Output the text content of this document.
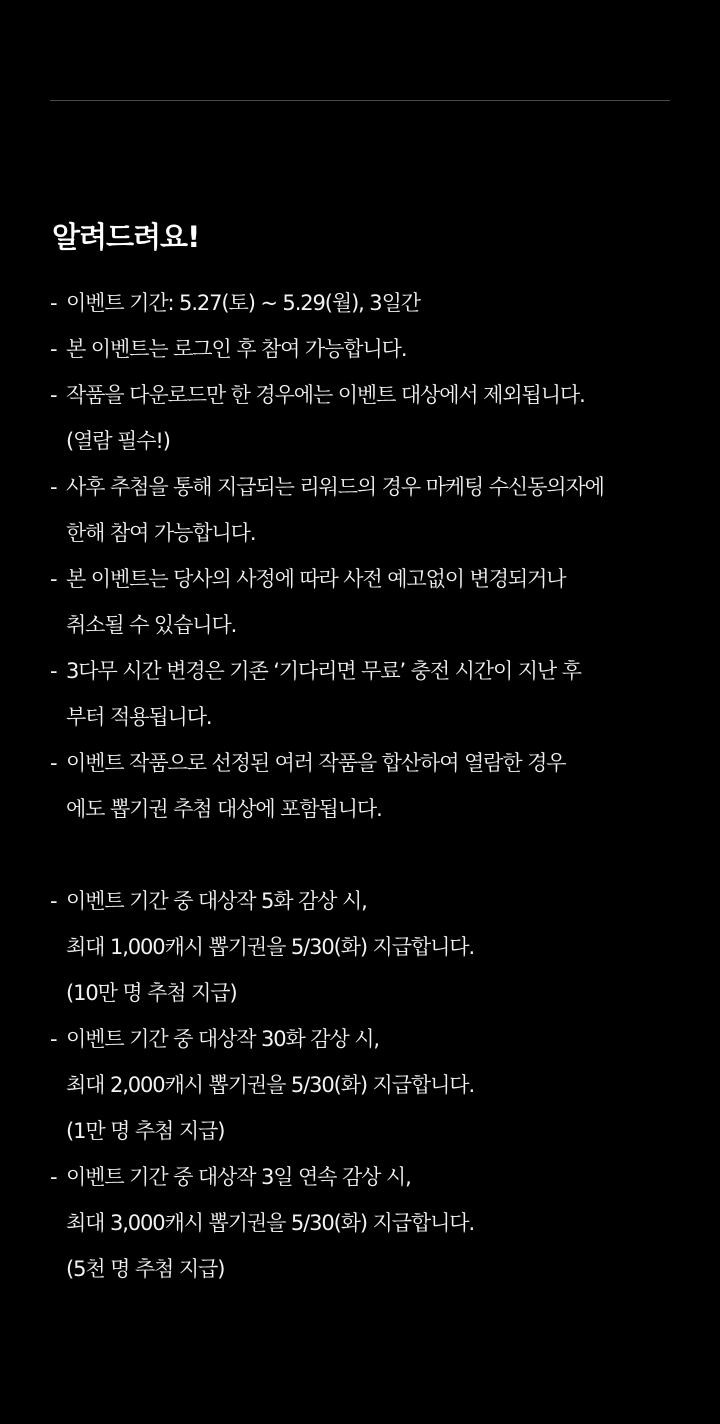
알려드려요!
- 이벤트 기간: 5.27(토) ~ 5.29(월), 3일간
- 본 이벤트는 로그인 후 참여 가능합니다.
- 작품을 다운로드만 한 경우에는 이벤트 대상에서 제외됩니다.
(열람 필수!)
- 사후 추첨을 통해 지급되는 리워드의 경우 마케팅 수신동의자에
한해 참여 가능합니다.
- 본 이벤트는 당사의 사정에 따라 사전 예고없이 변경되거나
취소될 수 있습니다.
- 3다무 시간 변경은 기존 ‘기다리면 무료’ 충전 시간이 지난 후
부터 적용됩니다.
- 이벤트 작품으로 선정된 여러 작품을 합산하여 열람한 경우
에도 뽑기권 추첨 대상에 포함됩니다.
- 이벤트 기간 중 대상작 5화 감상 시,
최대 1,000캐시 뽑기권을 5/30(화) 지급합니다.
(10만 명 추첨 지급)
- 이벤트 기간 중 대상작 30화 감상 시,
최대 2,000캐시 뽑기권을 5/30(화) 지급합니다.
(1만 명 추첨 지급)
- 이벤트 기간 중 대상작 3일 연속 감상 시,
최대 3,000캐시 뽑기권을 5/30(화) 지급합니다.
(5천 명 추첨 지급)
